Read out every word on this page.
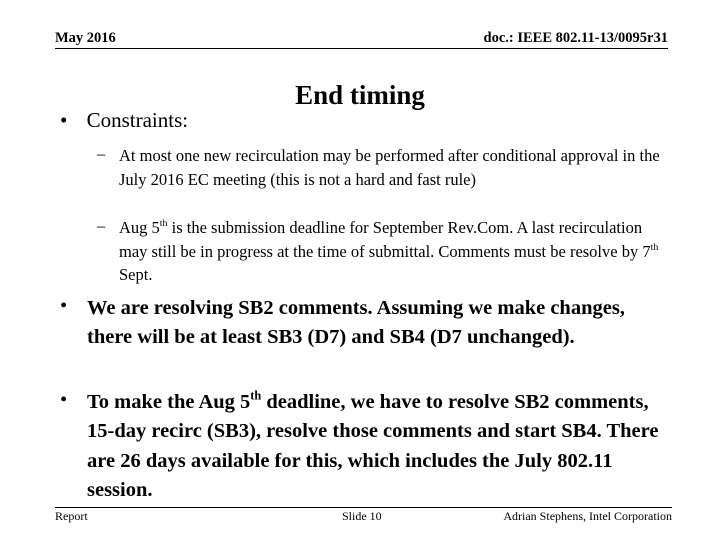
May 2016	doc.: IEEE 802.11-13/0095r31
End timing
• Constraints:
– At most one new recirculation may be performed after conditional approval in the July 2016 EC meeting (this is not a hard and fast rule)
– Aug 5th is the submission deadline for September Rev.Com. A last recirculation may still be in progress at the time of submittal. Comments must be resolve by 7th Sept.
• We are resolving SB2 comments. Assuming we make changes, there will be at least SB3 (D7) and SB4 (D7 unchanged).
• To make the Aug 5th deadline, we have to resolve SB2 comments, 15-day recirc (SB3), resolve those comments and start SB4. There are 26 days available for this, which includes the July 802.11 session.
Report	Slide 10	Adrian Stephens, Intel Corporation
